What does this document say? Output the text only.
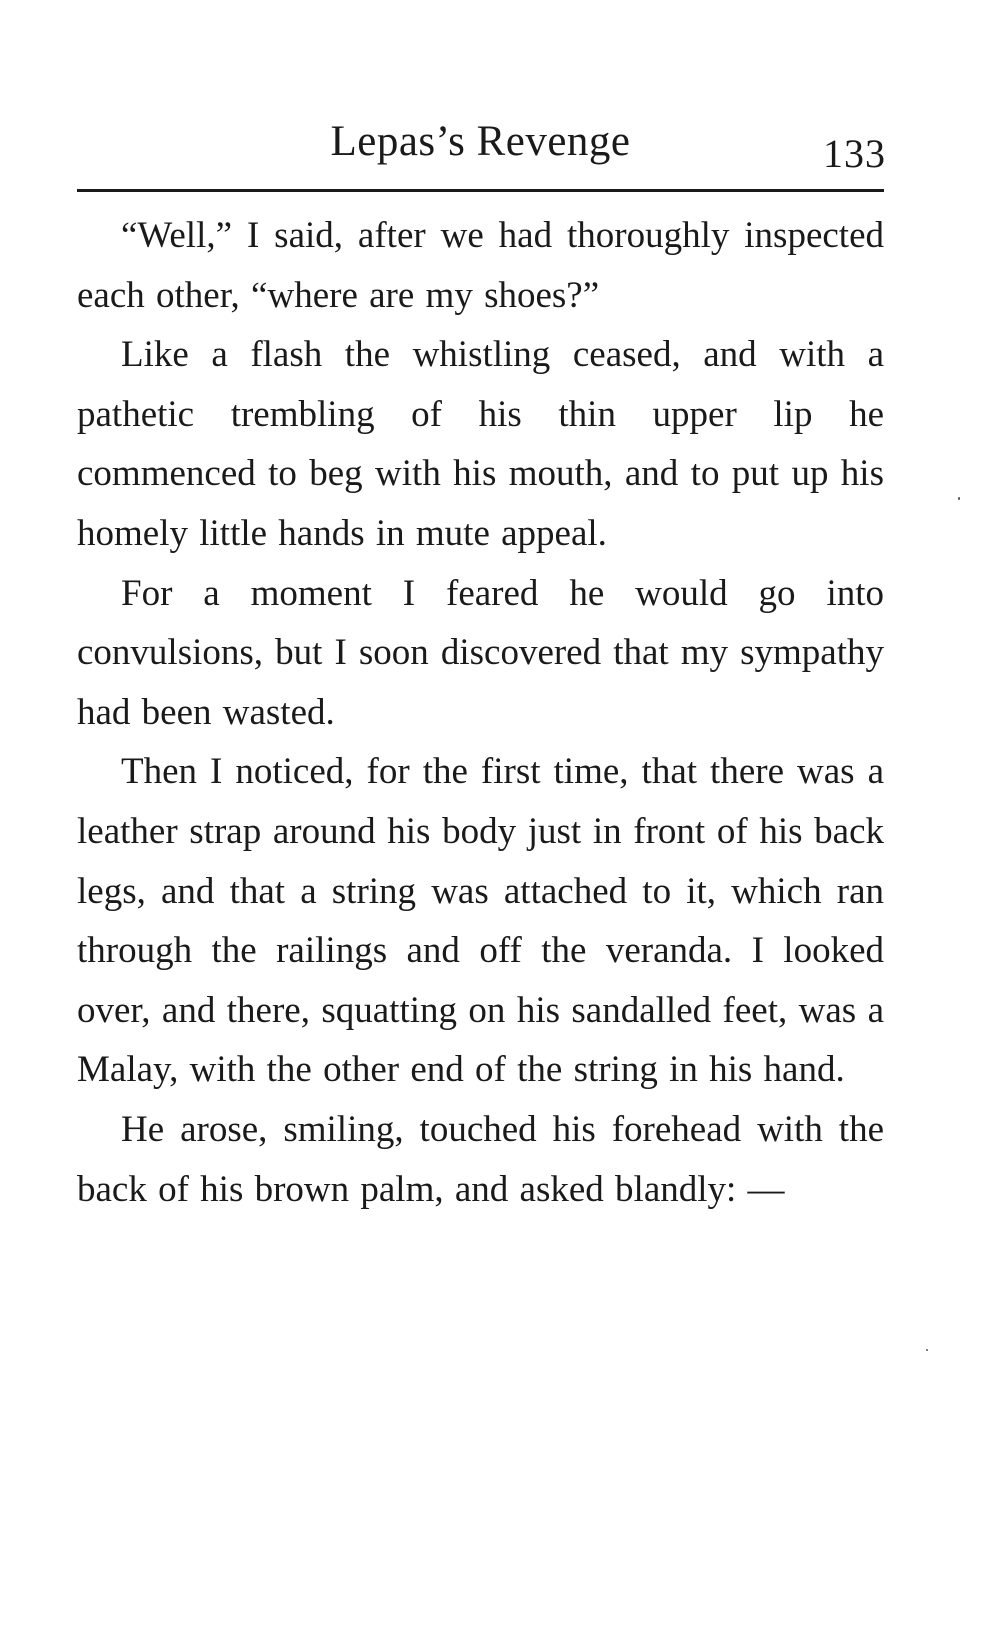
Lepas’s Revenge	133

“Well,” I said, after we had thoroughly inspected each other, “where are my shoes?”

Like a flash the whistling ceased, and with a pathetic trembling of his thin upper lip he commenced to beg with his mouth, and to put up his homely little hands in mute appeal.

For a moment I feared he would go into convulsions, but I soon discovered that my sympathy had been wasted.

Then I noticed, for the first time, that there was a leather strap around his body just in front of his back legs, and that a string was attached to it, which ran through the railings and off the veranda. I looked over, and there, squatting on his sandalled feet, was a Malay, with the other end of the string in his hand.

He arose, smiling, touched his forehead with the back of his brown palm, and asked blandly: —
